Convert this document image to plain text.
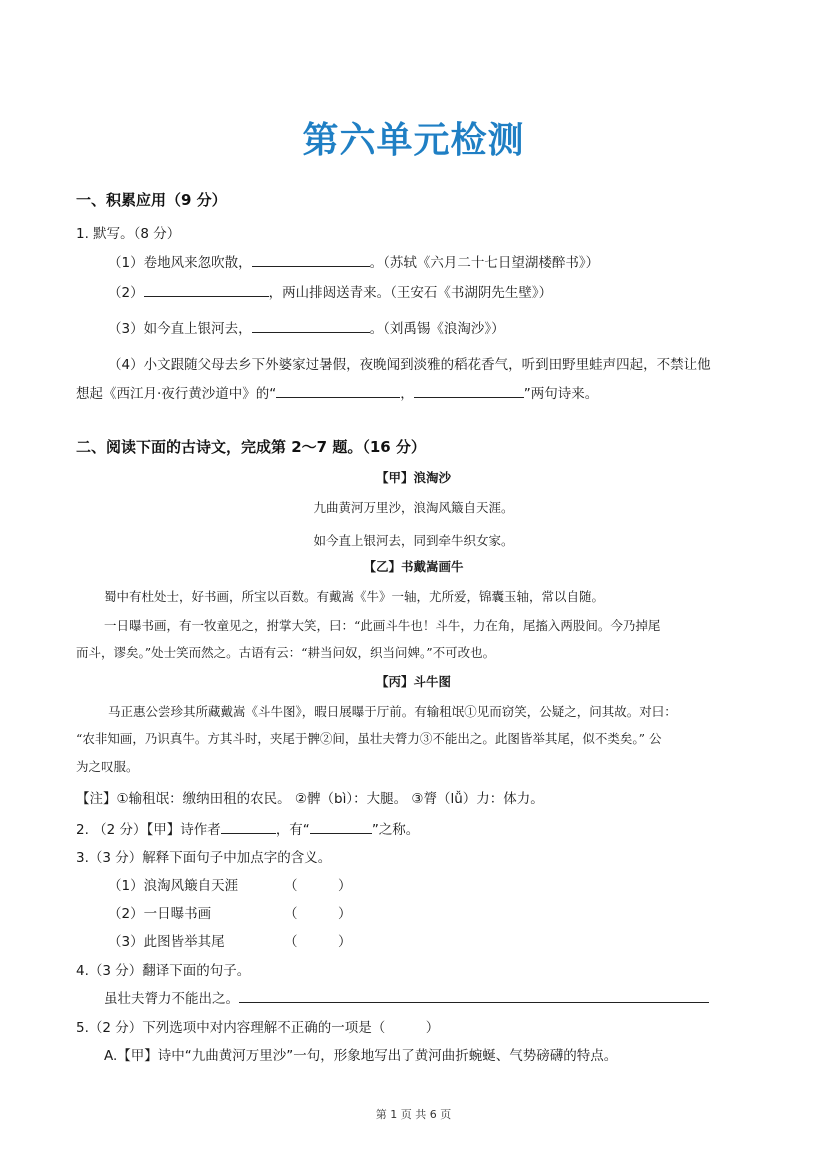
第六单元检测
一、积累应用（9 分）
1. 默写。（8 分）
（1）卷地风来忽吹散，	。（苏轼《六月二十七日望湖楼醉书》）
（2）	，两山排闼送青来。（王安石《书湖阴先生壁》）
（3）如今直上银河去，	。（刘禹锡《浪淘沙》）
（4）小文跟随父母去乡下外婆家过暑假，夜晚闻到淡雅的稻花香气，听到田野里蛙声四起，不禁让他
想起《西江月·夜行黄沙道中》的“	，	”两句诗来。
二、阅读下面的古诗文，完成第 2～7 题。（16 分）
【甲】浪淘沙
九曲黄河万里沙，浪淘风簸自天涯。
如今直上银河去，同到牵牛织女家。
【乙】书戴嵩画牛
蜀中有杜处士，好书画，所宝以百数。有戴嵩《牛》一轴，尤所爱，锦囊玉轴，常以自随。
一日曝书画，有一牧童见之，拊掌大笑，曰：“此画斗牛也！斗牛，力在角，尾搐入两股间。今乃掉尾
而斗，谬矣。”处士笑而然之。古语有云：“耕当问奴，织当问婢。”不可改也。
【丙】斗牛图
马正惠公尝珍其所藏戴嵩《斗牛图》，暇日展曝于厅前。有输租氓①见而窃笑，公疑之，问其故。对曰：
“农非知画，乃识真牛。方其斗时，夹尾于髀②间，虽壮夫膂力③不能出之。此图皆举其尾，似不类矣。” 公
为之叹服。
【注】①输租氓：缴纳田租的农民。 ②髀（bì）：大腿。 ③膂（lǚ）力：体力。
2. （2 分）【甲】诗作者	，有“	”之称。
3.（3 分）解释下面句子中加点字的含义。
（1）浪淘风簸自天涯	（　　　）
（2）一日曝书画	（　　　）
（3）此图皆举其尾	（　　　）
4.（3 分）翻译下面的句子。
虽壮夫膂力不能出之。
5.（2 分）下列选项中对内容理解不正确的一项是（　　　）
A.【甲】诗中“九曲黄河万里沙”一句，形象地写出了黄河曲折蜿蜒、气势磅礴的特点。
第 1 页 共 6 页
